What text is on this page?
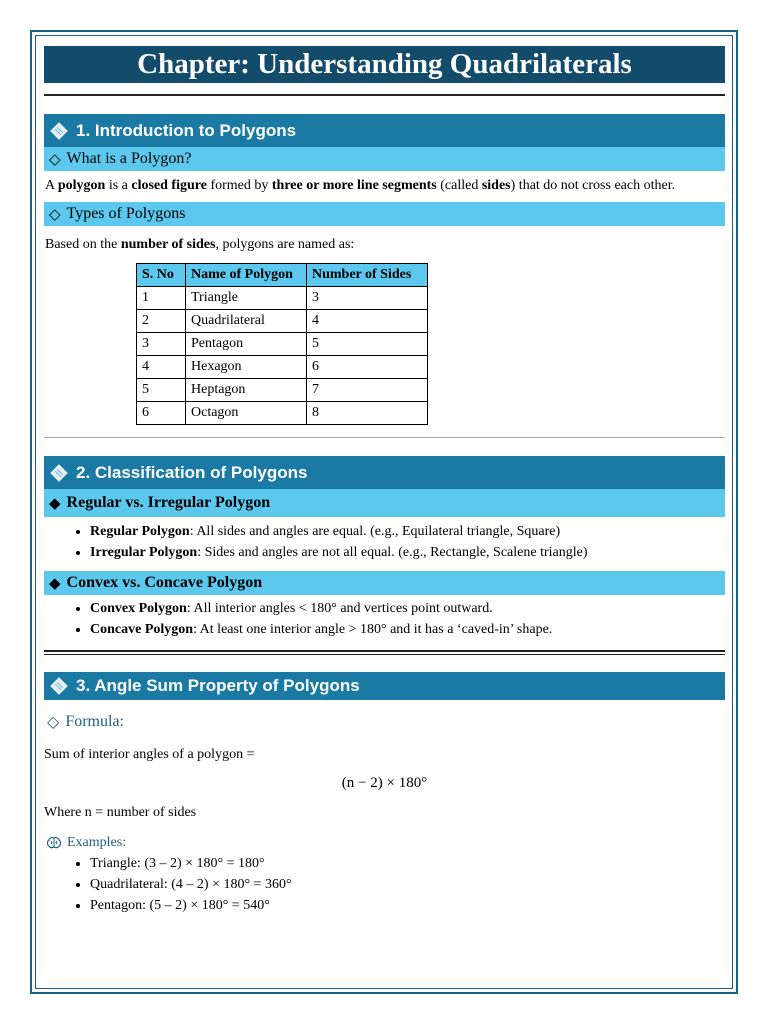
Chapter: Understanding Quadrilaterals
1. Introduction to Polygons
◇ What is a Polygon?

A polygon is a closed figure formed by three or more line segments (called sides) that do not cross each other.

◇ Types of Polygons

Based on the number of sides, polygons are named as:

S. No	Name of Polygon	Number of Sides
1	Triangle	3
2	Quadrilateral	4
3	Pentagon	5
4	Hexagon	6
5	Heptagon	7
6	Octagon	8
2. Classification of Polygons
◆ Regular vs. Irregular Polygon
• Regular Polygon: All sides and angles are equal. (e.g., Equilateral triangle, Square)
• Irregular Polygon: Sides and angles are not all equal. (e.g., Rectangle, Scalene triangle)
◆ Convex vs. Concave Polygon
• Convex Polygon: All interior angles < 180° and vertices point outward.
• Concave Polygon: At least one interior angle > 180° and it has a ‘caved-in’ shape.
3. Angle Sum Property of Polygons
◇ Formula:

Sum of interior angles of a polygon =

(n − 2) × 180°

Where n = number of sides

Examples:
• Triangle: (3 – 2) × 180° = 180°
• Quadrilateral: (4 – 2) × 180° = 360°
• Pentagon: (5 – 2) × 180° = 540°
